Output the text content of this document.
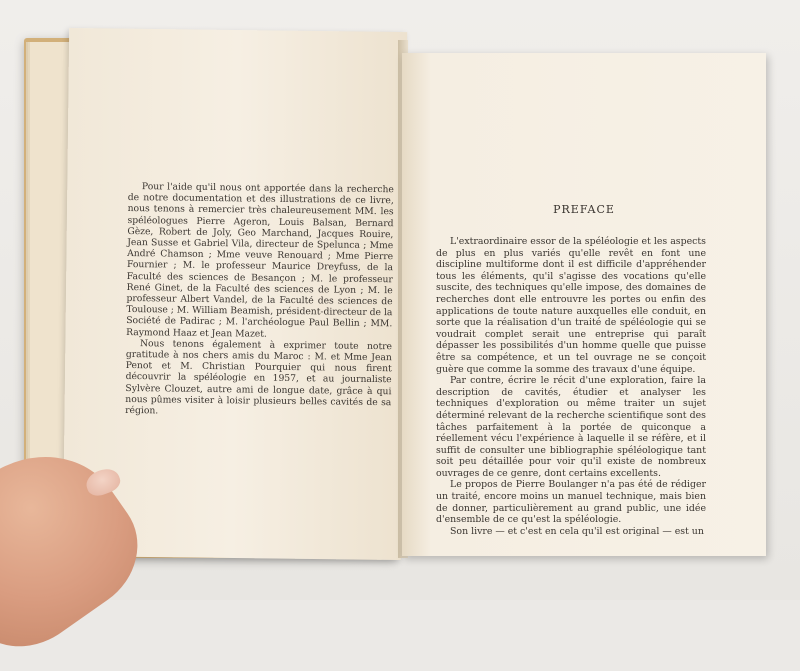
Pour l'aide qu'il nous ont apportée dans la recherche de notre documentation et des illustrations de ce livre, nous tenons à remercier très chaleureusement MM. les spéléologues Pierre Ageron, Louis Balsan, Bernard Gèze, Robert de Joly, Geo Marchand, Jacques Rouire, Jean Susse et Gabriel Vila, directeur de Spelunca ; Mme André Chamson ; Mme veuve Renouard ; Mme Pierre Fournier ; M. le professeur Maurice Dreyfuss, de la Faculté des sciences de Besançon ; M. le professeur René Ginet, de la Faculté des sciences de Lyon ; M. le professeur Albert Vandel, de la Faculté des sciences de Toulouse ; M. William Beamish, président-directeur de la Société de Padirac ; M. l'archéologue Paul Bellin ; MM. Raymond Haaz et Jean Mazet.

Nous tenons également à exprimer toute notre gratitude à nos chers amis du Maroc : M. et Mme Jean Penot et M. Christian Pourquier qui nous firent découvrir la spéléologie en 1957, et au journaliste Sylvère Clouzet, autre ami de longue date, grâce à qui nous pûmes visiter à loisir plusieurs belles cavités de sa région.

PREFACE

L'extraordinaire essor de la spéléologie et les aspects de plus en plus variés qu'elle revêt en font une discipline multiforme dont il est difficile d'appréhender tous les éléments, qu'il s'agisse des vocations qu'elle suscite, des techniques qu'elle impose, des domaines de recherches dont elle entrouvre les portes ou enfin des applications de toute nature auxquelles elle conduit, en sorte que la réalisation d'un traité de spéléologie qui se voudrait complet serait une entreprise qui paraît dépasser les possibilités d'un homme quelle que puisse être sa compétence, et un tel ouvrage ne se conçoit guère que comme la somme des travaux d'une équipe.

Par contre, écrire le récit d'une exploration, faire la description de cavités, étudier et analyser les techniques d'exploration ou même traiter un sujet déterminé relevant de la recherche scientifique sont des tâches parfaitement à la portée de quiconque a réellement vécu l'expérience à laquelle il se réfère, et il suffit de consulter une bibliographie spéléologique tant soit peu détaillée pour voir qu'il existe de nombreux ouvrages de ce genre, dont certains excellents.

Le propos de Pierre Boulanger n'a pas été de rédiger un traité, encore moins un manuel technique, mais bien de donner, particulièrement au grand public, une idée d'ensemble de ce qu'est la spéléologie.

Son livre — et c'est en cela qu'il est original — est un
